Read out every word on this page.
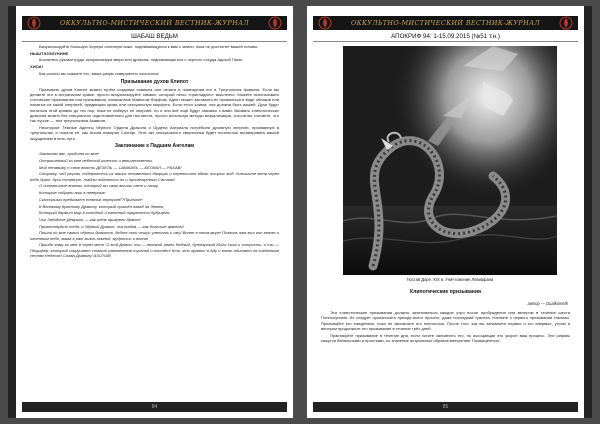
ОККУЛЬТНО-МИСТИЧЕСКИЙ ВЕСТНИК-ЖУРНАЛ
ШАБАШ ВЕДЬМ

Визуализируйте большую Черную огненную хиже, поднимающуюся к вам с земли, пока не достигнет вашей головы:

НЫШТЭЗЭХУНИНЕ

Коснитесь руками груди, визуализируя звери или дракона, поднимающегося с черного сосуда Адской Пасы:

ХИОА!

Как сильно вы скажите это, ваша разум совершенно очистился.

Призывание духов Клипот

Призывать духов Клипот можно путём создания символа или печати в помещении его в Треугольник Акавиля. Если вы делаете это в астральном храме, просто визуализируйте символ, который легко «пригладить» мысленно. Можете использовать готические призывания или призывания, написанные Майклом Форфом. Адепт может заставить их проявиться в виде облаков или нанятых из какой энергией, предвещая кровь или сексуальную морфлть. Если этого клима, она должна быть вашей. Духи будут пытаться этой кровью до тех пор, пока не наберут её энергию, но и они всё ещё будут связаны с вами. Вызвать клипотических демонов можно без специально подготовленного для них места, просто используя методы визуализации, а если вы считаете, что так лучше — тем треугольника Акавиля.

Некоторые Тёмные Адепты Чёрного Ордена Дракона и Ордена Азериала потребили духовную энергию, призванную в треугольник, и поняли её, как Апопа пожирал Солнце. Этот акт сексуального сверхсинка будет полностью активировать вашей ощущением в пить путь.

Заклинание к Падшим Ангелам

Заклинаю вас, придите ко мне!

Отпрошенный ко мне небесной колесит и величественны,

Мой ненавижу о свою власть ДЕЗЕЛЬ — САМАЭЛЬ — БЕЛИАЛ — РАХАВ!

Сторожу, чей утром, содержитесь из ваших неизменных дворцах и переносите вдоль острых вод! Услышьте меня через небо брат, духи сотрясут, тайны подняться ли и просвещенных Сатаны!

О ничегошные ангелы, который вы сами вышли свет и тьму,

Которые собрали ваш в неверные,

Скоторыми пребывает темных внутриеЕ?Придите!

К Великому Красному Дракону, который пришёл назад на Землю,

Который даржит мир в холодной и огненной окружности будущего,

Чьи Звёздные Девушки — как шёлк пригрели дракон!

Привествуйте тебя, о Чёрный Дракон, чья тайна — как большие факелы!

Пошли ко мне самых чёрных драконов, бейте свои чешуи улетать к ожу! Волне в этом мире! Позволь нам жил кол землю и огненным небо, мама в раю жизнь земной, мудрость и волна!

Прииди кому ко мне в через меня. О мой Демон, ты — великий ангел бедный, бунтарский Бойы сила и хитрость, о ты — Люцифер, который сокрушает ставит развлечения тусклой и плотёт! Кто, кто правит в Аду и вновь обитает за созданным сенням Небесах! Слава Дьяволу! АЗОТОВ!

84
ОККУЛЬТНО-МИСТИЧЕСКИЙ ВЕСТНИК-ЖУРНАЛ
АПОКРИФ 94: 1-15.09.2015 (№51 т.н.)
Гюстав Доре. XIX в. Уничтожение Левиафана
Клипотические призывания
автор — Dualkometh

Эти клипотические призывания должны зачитываться каждое утро после пробуждения или вечером в течение шести Полнолунием. Их следует произносить прежде всего прочего, даже последний туалета. Начните с первого призывания Нахемы. Призывайте его ежедневно, пока не запомните его полностью. После того, как вы запомните первое и его впервые, утром и вечером продолжите это призывание в течение трёх дней.

Практикуйте призывание в течение дня, если хотите запомнить его, по ассоциации это укорит ваш процесс. Эти рифмы кажутся банальными и простыми, но значение астральных образов впечатляет Посвящённого.

85
